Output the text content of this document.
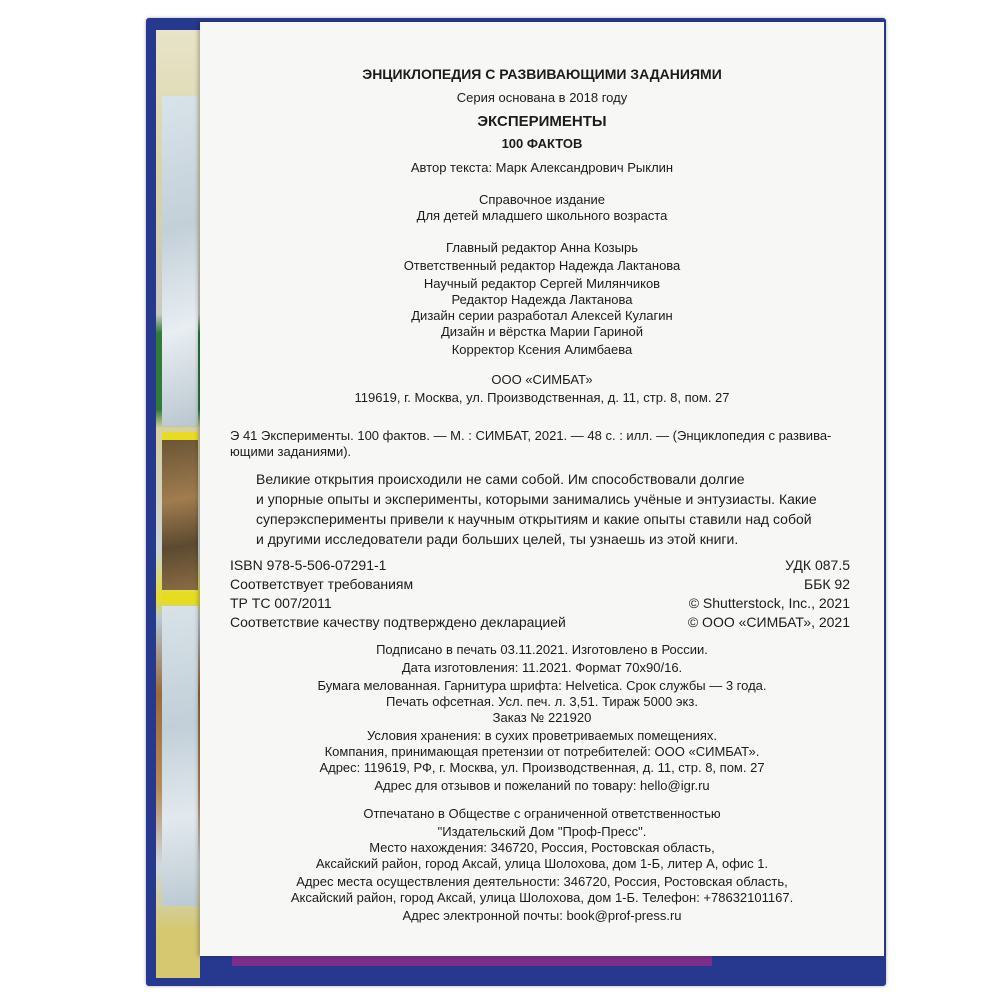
ЭНЦИКЛОПЕДИЯ С РАЗВИВАЮЩИМИ ЗАДАНИЯМИ
Серия основана в 2018 году
ЭКСПЕРИМЕНТЫ
100 ФАКТОВ
Автор текста: Марк Александрович Рыклин
Справочное издание
Для детей младшего школьного возраста
Главный редактор Анна Козырь
Ответственный редактор Надежда Лактанова
Научный редактор Сергей Милянчиков
Редактор Надежда Лактанова
Дизайн серии разработал Алексей Кулагин
Дизайн и вёрстка Марии Гариной
Корректор Ксения Алимбаева
ООО «СИМБАТ»
119619, г. Москва, ул. Производственная, д. 11, стр. 8, пом. 27
Э 41 Эксперименты. 100 фактов. — М. : СИМБАТ, 2021. — 48 с. : илл. — (Энциклопедия с развива-
ющими заданиями).
Великие открытия происходили не сами собой. Им способствовали долгие
и упорные опыты и эксперименты, которыми занимались учёные и энтузиасты. Какие
суперэксперименты привели к научным открытиям и какие опыты ставили над собой
и другими исследователи ради больших целей, ты узнаешь из этой книги.
ISBN 978-5-506-07291-1
Соответствует требованиям
ТР ТС 007/2011
Соответствие качеству подтверждено декларацией
УДК 087.5
ББК 92
© Shutterstock, Inc., 2021
© ООО «СИМБАТ», 2021
Подписано в печать 03.11.2021. Изготовлено в России.
Дата изготовления: 11.2021. Формат 70х90/16.
Бумага мелованная. Гарнитура шрифта: Helvetica. Срок службы — 3 года.
Печать офсетная. Усл. печ. л. 3,51. Тираж 5000 экз.
Заказ № 221920
Условия хранения: в сухих проветриваемых помещениях.
Компания, принимающая претензии от потребителей: ООО «СИМБАТ».
Адрес: 119619, РФ, г. Москва, ул. Производственная, д. 11, стр. 8, пом. 27
Адрес для отзывов и пожеланий по товару: hello@igr.ru
Отпечатано в Обществе с ограниченной ответственностью
"Издательский Дом "Проф-Пресс".
Место нахождения: 346720, Россия, Ростовская область,
Аксайский район, город Аксай, улица Шолохова, дом 1-Б, литер А, офис 1.
Адрес места осуществления деятельности: 346720, Россия, Ростовская область,
Аксайский район, город Аксай, улица Шолохова, дом 1-Б. Телефон: +78632101167.
Адрес электронной почты: book@prof-press.ru
